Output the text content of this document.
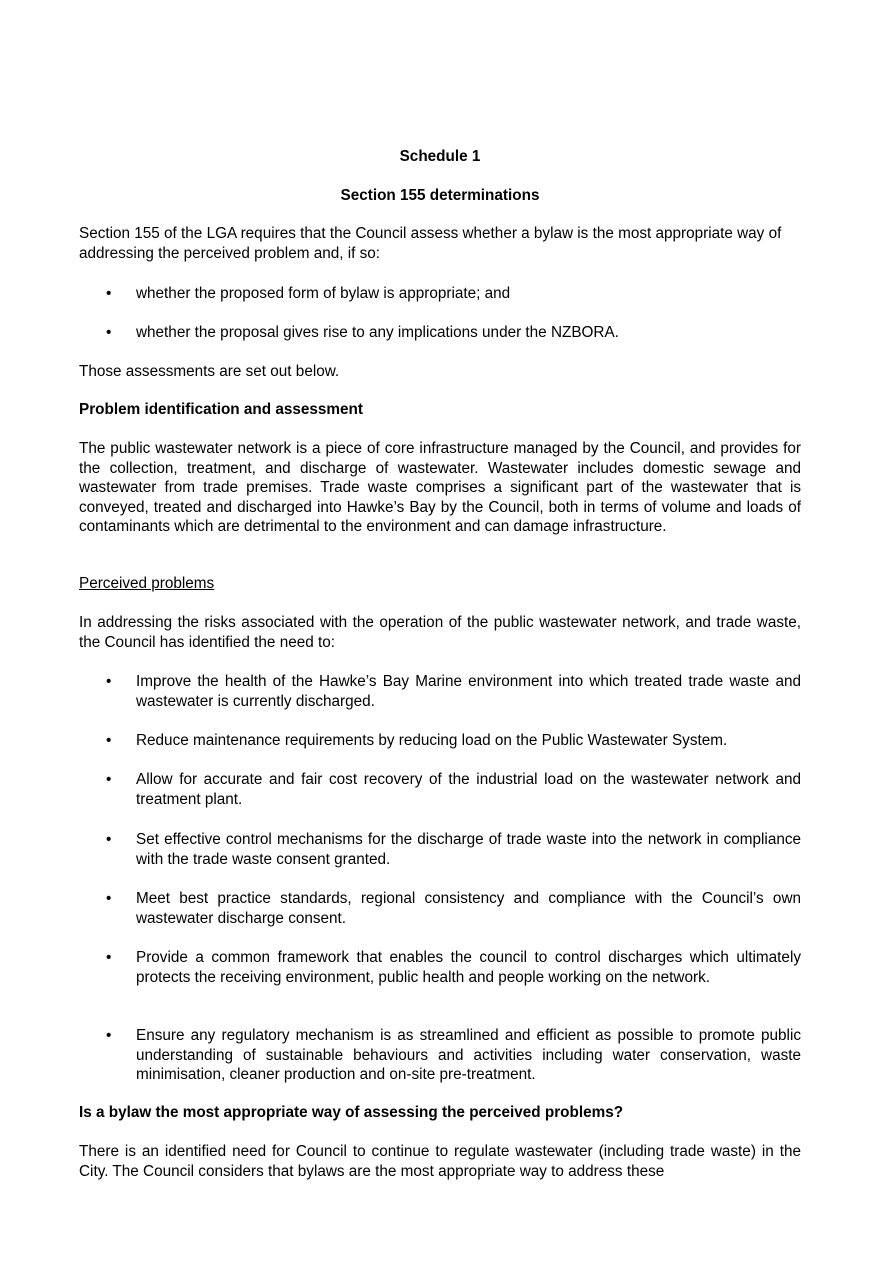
Schedule 1
Section 155 determinations

Section 155 of the LGA requires that the Council assess whether a bylaw is the most appropriate way of addressing the perceived problem and, if so:

•	whether the proposed form of bylaw is appropriate; and
•	whether the proposal gives rise to any implications under the NZBORA.

Those assessments are set out below.

Problem identification and assessment

The public wastewater network is a piece of core infrastructure managed by the Council, and provides for the collection, treatment, and discharge of wastewater. Wastewater includes domestic sewage and wastewater from trade premises. Trade waste comprises a significant part of the wastewater that is conveyed, treated and discharged into Hawke’s Bay by the Council, both in terms of volume and loads of contaminants which are detrimental to the environment and can damage infrastructure.

Perceived problems

In addressing the risks associated with the operation of the public wastewater network, and trade waste, the Council has identified the need to:

•	Improve the health of the Hawke’s Bay Marine environment into which treated trade waste and wastewater is currently discharged.
•	Reduce maintenance requirements by reducing load on the Public Wastewater System.
•	Allow for accurate and fair cost recovery of the industrial load on the wastewater network and treatment plant.
•	Set effective control mechanisms for the discharge of trade waste into the network in compliance with the trade waste consent granted.
•	Meet best practice standards, regional consistency and compliance with the Council’s own wastewater discharge consent.
•	Provide a common framework that enables the council to control discharges which ultimately protects the receiving environment, public health and people working on the network.
•	Ensure any regulatory mechanism is as streamlined and efficient as possible to promote public understanding of sustainable behaviours and activities including water conservation, waste minimisation, cleaner production and on-site pre-treatment.
Is a bylaw the most appropriate way of assessing the perceived problems?

There is an identified need for Council to continue to regulate wastewater (including trade waste) in the City. The Council considers that bylaws are the most appropriate way to address these
